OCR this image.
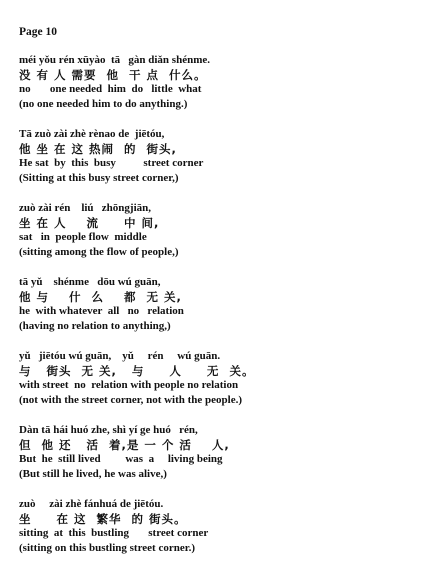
Page 10

méi yǒu rén xūyào  tā   gàn diǎn shénme.
没 有 人 需要  他  干 点  什么。
no       one needed  him  do   little  what
(no one needed him to do anything.)
Tā zuò zài zhè rènao de  jiētóu,
他 坐 在 这 热闹  的  街头,
He sat  by  this  busy          street corner
(Sitting at this busy street corner,)
zuò zài rén    liú   zhōngjiān,
坐 在 人    流     中 间,
sat   in  people flow  middle
(sitting among the flow of people,)
tā yǔ    shénme   dōu wú guān,
他 与    什  么    都  无 关,
he  with whatever  all   no   relation
(having no relation to anything,)
yǔ   jiētóu wú guān,    yǔ     rén     wú guān.
与   街头  无 关,   与     人     无  关。
with street  no  relation with people no relation
(not with the street corner, not with the people.)
Dàn tā hái huó zhe, shì yí ge huó   rén,
但  他 还   活  着,是 一 个 活    人,
But  he  still lived         was  a     living being
(But still he lived, he was alive,)
zuò     zài zhè fánhuá de jiētóu.
坐     在 这  繁华  的 街头。
sitting  at  this  bustling       street corner
(sitting on this bustling street corner.)
